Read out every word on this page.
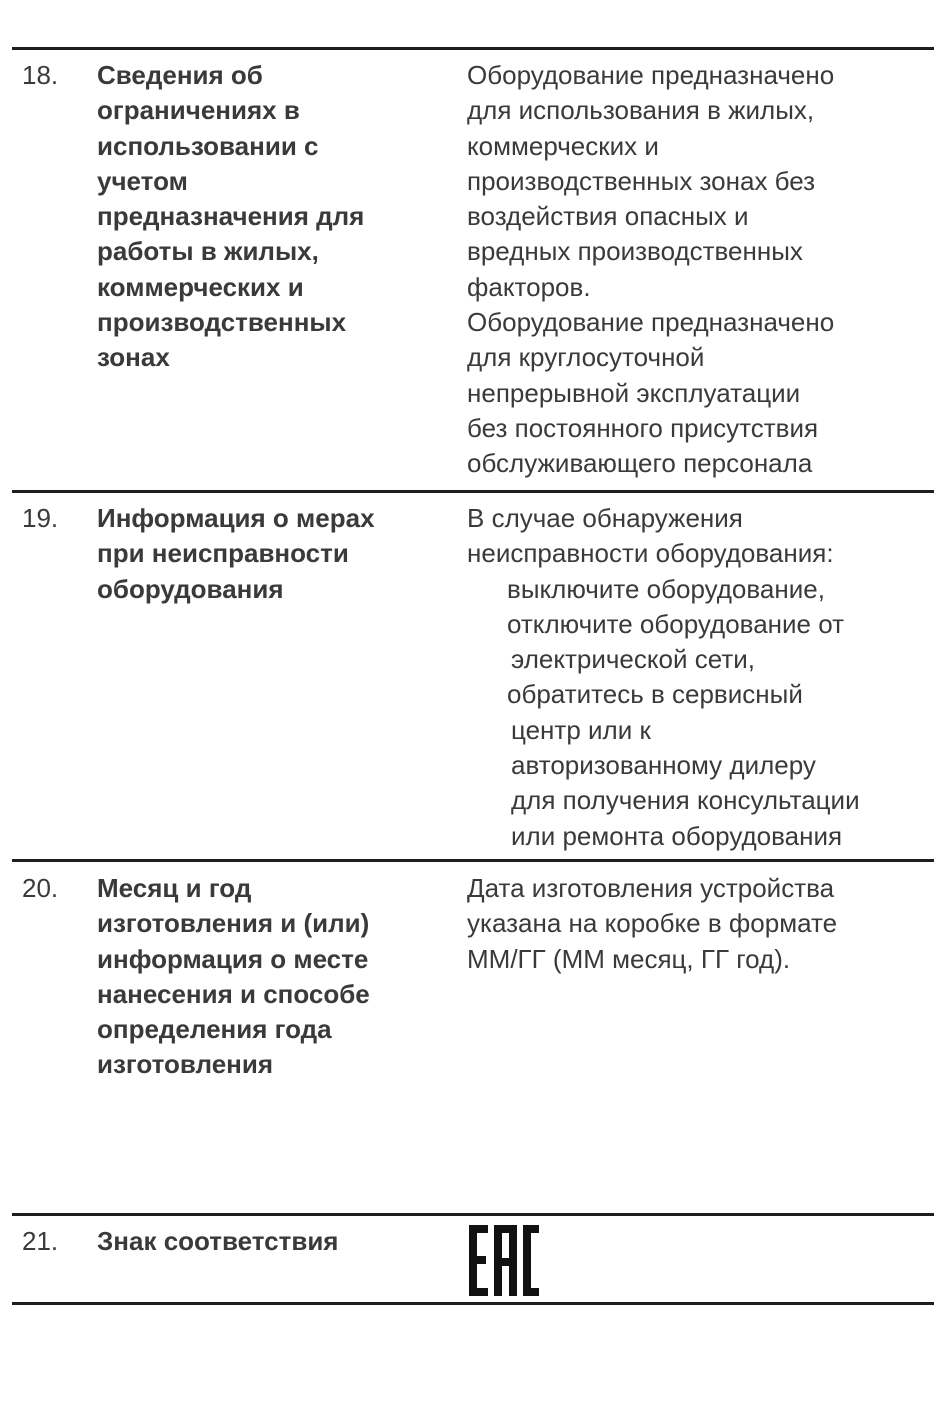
18. Сведения об
ограничениях в
использовании с
учетом
предназначения для
работы в жилых,
коммерческих и
производственных
зонах
Оборудование предназначено
для использования в жилых,
коммерческих и
производственных зонах без
воздействия опасных и
вредных производственных
факторов.
Оборудование предназначено
для круглосуточной
непрерывной эксплуатации
без постоянного присутствия
обслуживающего персонала
19. Информация о мерах
при неисправности
оборудования
В случае обнаружения
неисправности оборудования:
выключите оборудование,
отключите оборудование от
электрической сети,
обратитесь в сервисный
центр или к
авторизованному дилеру
для получения консультации
или ремонта оборудования
20. Месяц и год
изготовления и (или)
информация о месте
нанесения и способе
определения года
изготовления
Дата изготовления устройства
указана на коробке в формате
ММ/ГГ (ММ месяц, ГГ год).
21. Знак соответствия
